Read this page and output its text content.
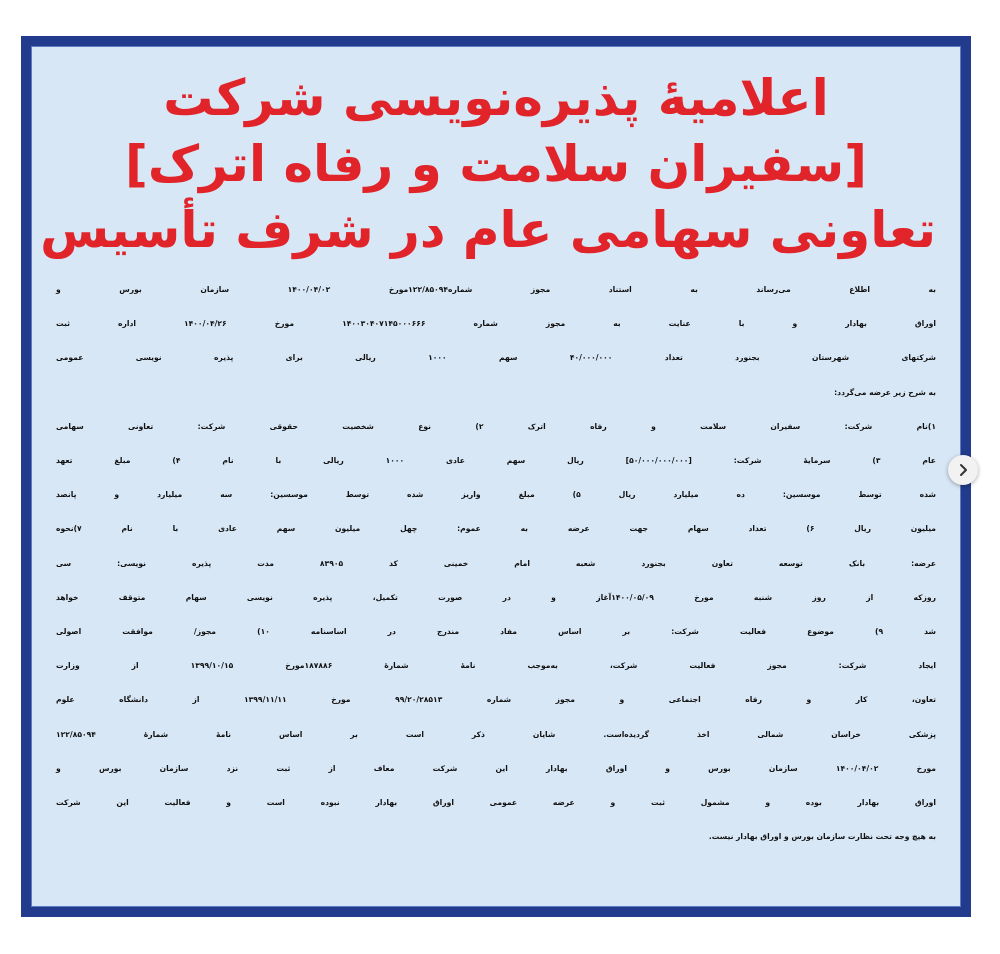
اعلامیۀ پذیره‌نویسی شرکت
[سفیران سلامت و رفاه اترک]
تعاونی سهامی عام در شرف تأسیس
به اطلاع می‌رساند به استناد مجوز شماره۱۲۲/۸۵۰۹۴مورخ ۱۴۰۰/۰۴/۰۲ سازمان بورس و
اوراق بهادار و با عنایت به مجوز شماره ۱۴۰۰۳۰۴۰۷۱۴۵۰۰۰۶۶۶ مورخ ۱۴۰۰/۰۴/۲۶ اداره ثبت
شرکتهای شهرستان بجنورد تعداد ۴۰/۰۰۰/۰۰۰ سهم ۱۰۰۰ ریالی برای پذیره نویسی عمومی
به شرح زیر عرضه می‌گردد:
۱)نام شرکت: سفیران سلامت و رفاه اترک ۲) نوع شخصیت حقوقی شرکت: تعاونی سهامی
عام ۳) سرمایۀ شرکت: [۵۰/۰۰۰/۰۰۰/۰۰۰] ریال سهم عادی ۱۰۰۰ ریالی با نام ۴) مبلغ تعهد
شده توسط موسسین: ده میلیارد ریال ۵) مبلغ واریز شده توسط موسسین: سه میلیارد و پانصد
میلیون ریال ۶) تعداد سهام جهت عرضه به عموم: چهل میلیون سهم عادی با نام ۷)نحوه
عرضه: بانک توسعه تعاون بجنورد شعبه امام خمینی کد ۸۳۹۰۵ مدت پذیره نویسی: سی
روزکه از روز شنبه مورخ ۱۴۰۰/۰۵/۰۹آغاز و در صورت تکمیل، پذیره نویسی سهام متوقف خواهد
شد ۹) موضوع فعالیت شرکت: بر اساس مفاد مندرج در اساسنامه ۱۰) مجوز/ موافقت اصولی
ایجاد شرکت: مجوز فعالیت شرکت، به‌موجب نامۀ شمارۀ ۱۸۷۸۸۶مورخ ۱۳۹۹/۱۰/۱۵ از وزارت
تعاون، کار و رفاه اجتماعی و مجوز شماره ۹۹/۲۰/۲۸۵۱۳ مورخ ۱۳۹۹/۱۱/۱۱ از دانشگاه علوم
پزشکی خراسان شمالی اخذ گردیده‌است. شایان ذکر است بر اساس نامۀ شمارۀ ۱۲۲/۸۵۰۹۴
مورخ ۱۴۰۰/۰۴/۰۲ سازمان بورس و اوراق بهادار این شرکت معاف از ثبت نزد سازمان بورس و
اوراق بهادار بوده و مشمول ثبت و عرضه عمومی اوراق بهادار نبوده است و فعالیت این شرکت
به هیچ وجه تحت نظارت سازمان بورس و اوراق بهادار نیست.
